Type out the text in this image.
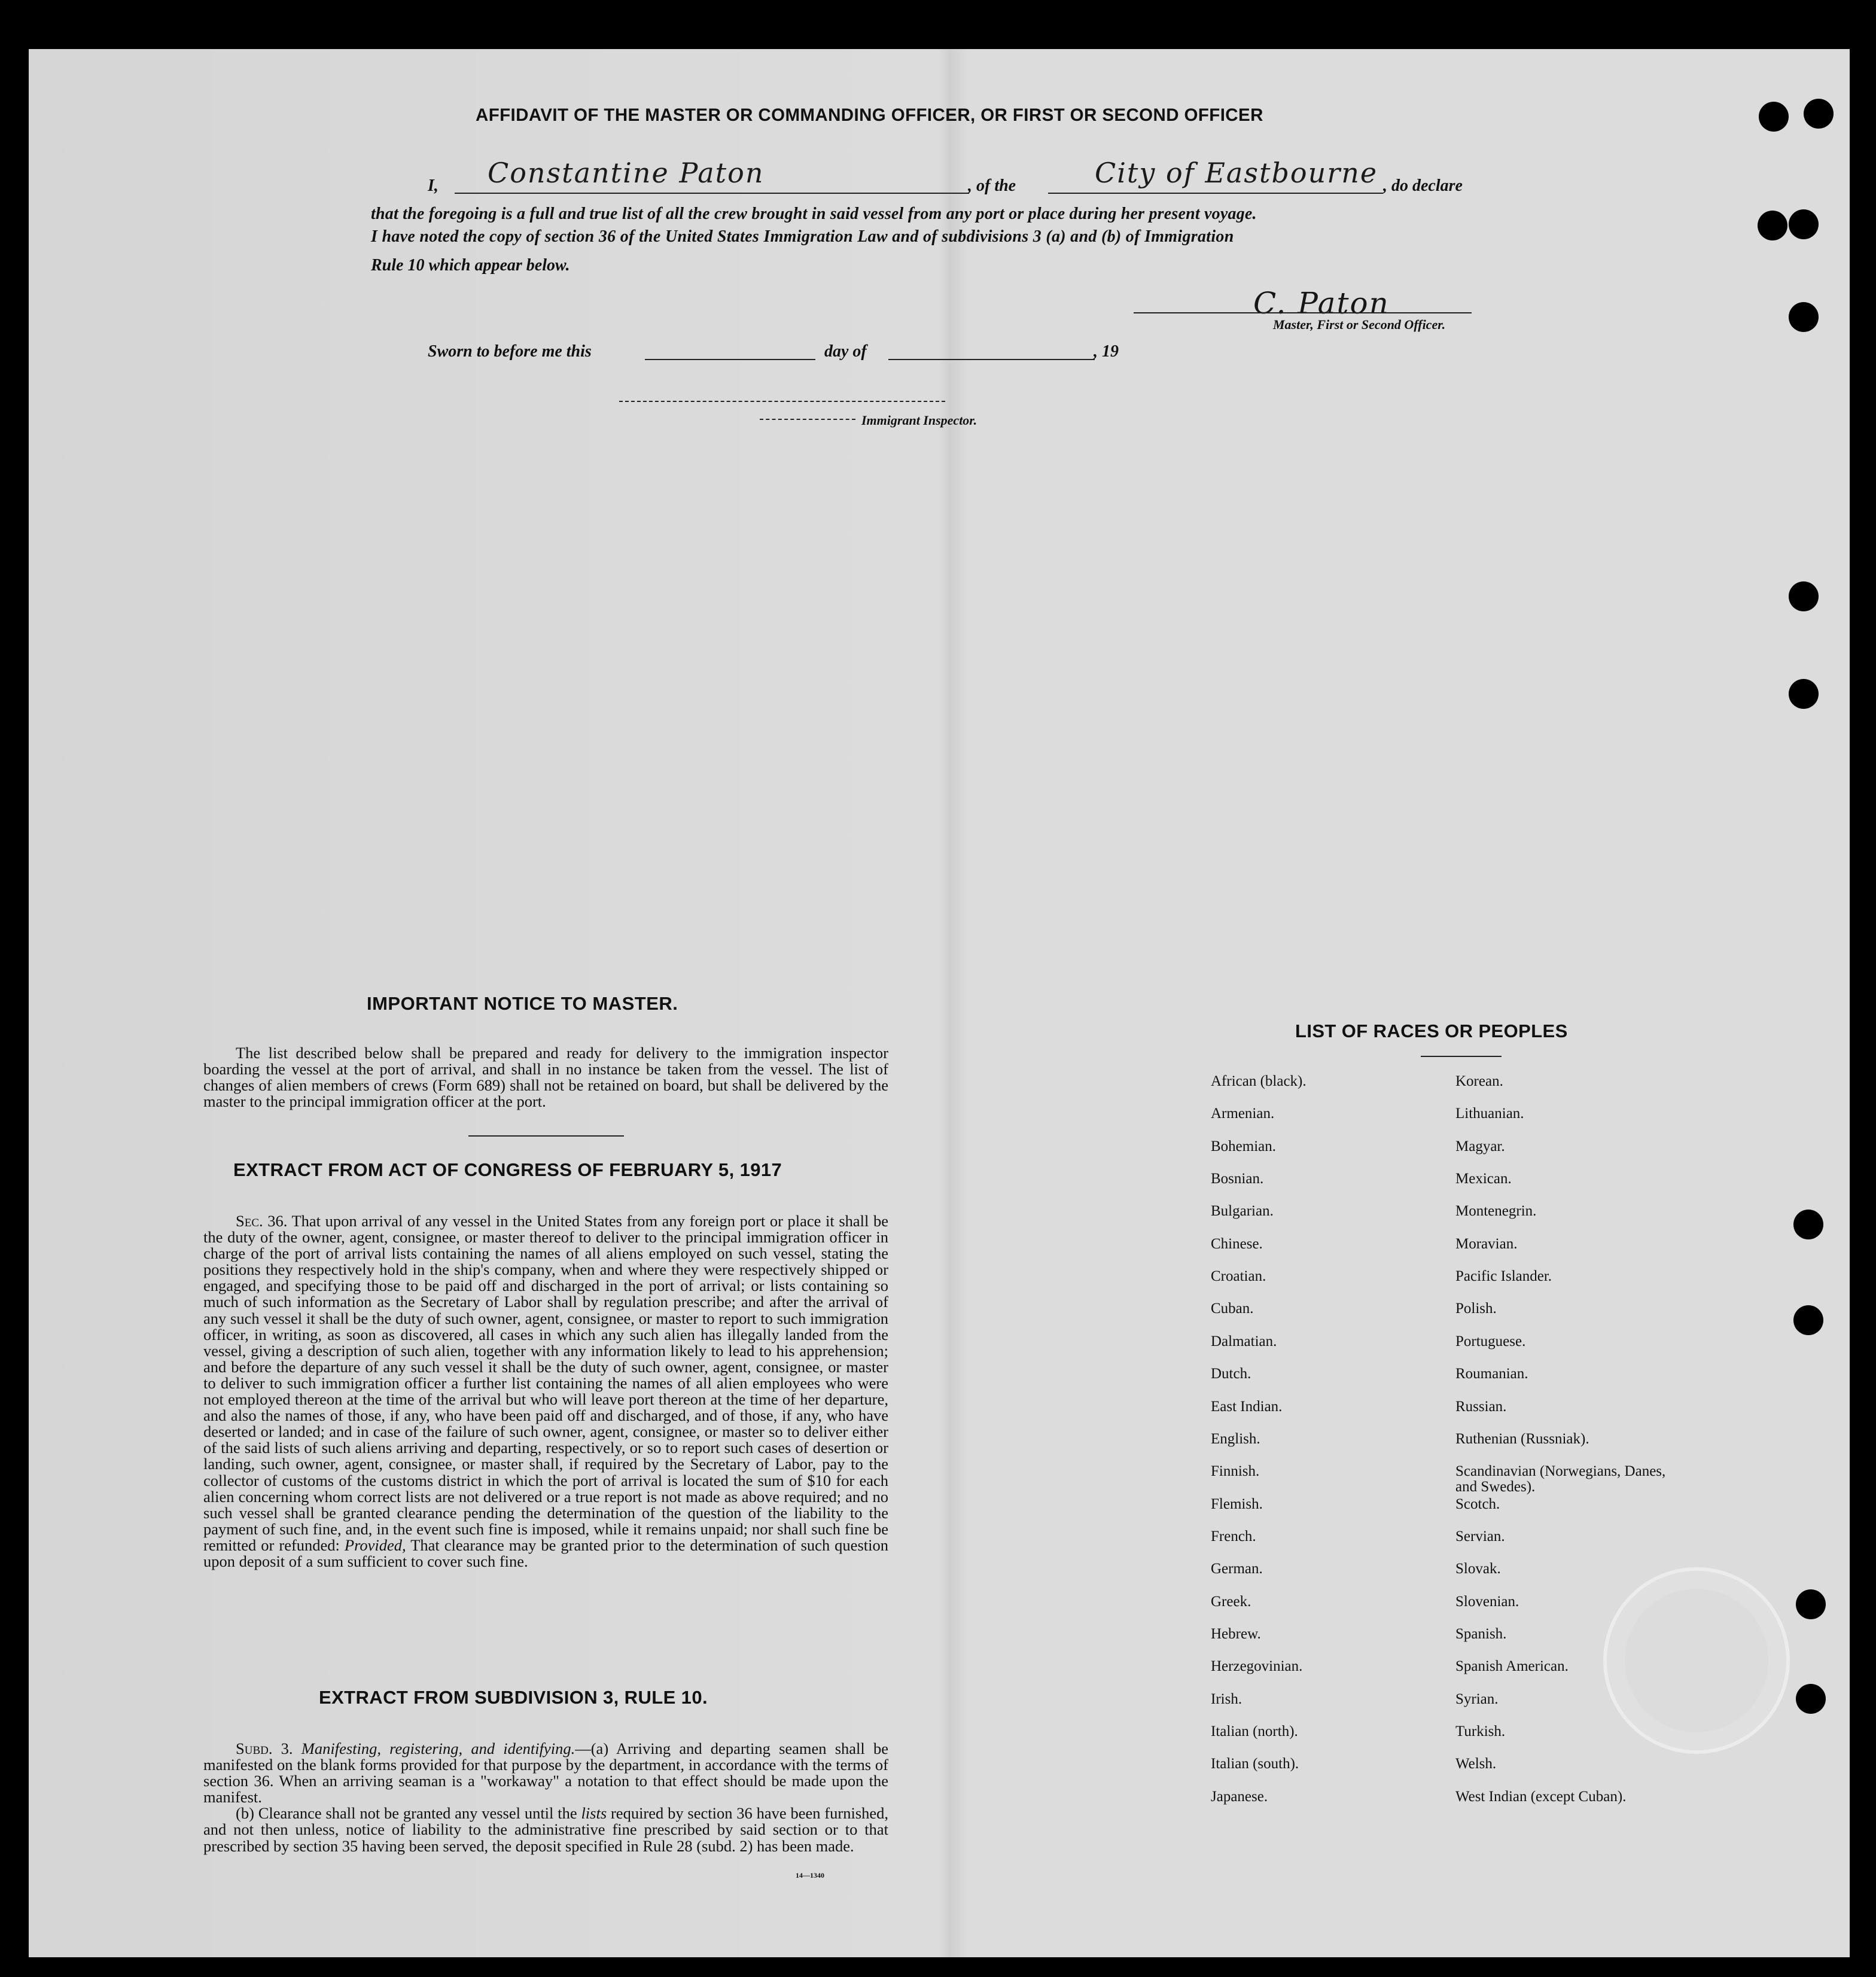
AFFIDAVIT OF THE MASTER OR COMMANDING OFFICER, OR FIRST OR SECOND OFFICER
I, Constantine Paton	, of the	City of Eastbourne , do declare
that the foregoing is a full and true list of all the crew brought in said vessel from any port or place during her present voyage.
I have noted the copy of section 36 of the United States Immigration Law and of subdivisions 3 (a) and (b) of Immigration
Rule 10 which appear below.
C. Paton
Master, First or Second Officer.
Sworn to before me this	day of	, 19
Immigrant Inspector.
IMPORTANT NOTICE TO MASTER.
The list described below shall be prepared and ready for delivery to the immigration inspector boarding the vessel at the port of arrival, and shall in no instance be taken from the vessel. The list of changes of alien members of crews (Form 689) shall not be retained on board, but shall be delivered by the master to the principal immigration officer at the port.
EXTRACT FROM ACT OF CONGRESS OF FEBRUARY 5, 1917
Sec. 36. That upon arrival of any vessel in the United States from any foreign port or place it shall be the duty of the owner, agent, consignee, or master thereof to deliver to the principal immigration officer in charge of the port of arrival lists containing the names of all aliens employed on such vessel, stating the positions they respectively hold in the ship's company, when and where they were respectively shipped or engaged, and specifying those to be paid off and discharged in the port of arrival; or lists containing so much of such information as the Secretary of Labor shall by regulation prescribe; and after the arrival of any such vessel it shall be the duty of such owner, agent, consignee, or master to report to such immigration officer, in writing, as soon as discovered, all cases in which any such alien has illegally landed from the vessel, giving a description of such alien, together with any information likely to lead to his apprehension; and before the departure of any such vessel it shall be the duty of such owner, agent, consignee, or master to deliver to such immigration officer a further list containing the names of all alien employees who were not employed thereon at the time of the arrival but who will leave port thereon at the time of her departure, and also the names of those, if any, who have been paid off and discharged, and of those, if any, who have deserted or landed; and in case of the failure of such owner, agent, consignee, or master so to deliver either of the said lists of such aliens arriving and departing, respectively, or so to report such cases of desertion or landing, such owner, agent, consignee, or master shall, if required by the Secretary of Labor, pay to the collector of customs of the customs district in which the port of arrival is located the sum of $10 for each alien concerning whom correct lists are not delivered or a true report is not made as above required; and no such vessel shall be granted clearance pending the determination of the question of the liability to the payment of such fine, and, in the event such fine is imposed, while it remains unpaid; nor shall such fine be remitted or refunded: Provided, That clearance may be granted prior to the determination of such question upon deposit of a sum sufficient to cover such fine.
EXTRACT FROM SUBDIVISION 3, RULE 10.

Subd. 3. Manifesting, registering, and identifying.—(a) Arriving and departing seamen shall be manifested on the blank forms provided for that purpose by the department, in accordance with the terms of section 36. When an arriving seaman is a "workaway" a notation to that effect should be made upon the manifest.

(b) Clearance shall not be granted any vessel until the lists required by section 36 have been furnished, and not then unless, notice of liability to the administrative fine prescribed by said section or to that prescribed by section 35 having been served, the deposit specified in Rule 28 (subd. 2) has been made.

14—1340
LIST OF RACES OR PEOPLES
African (black).
Armenian.
Bohemian.
Bosnian.
Bulgarian.
Chinese.
Croatian.
Cuban.
Dalmatian.
Dutch.
East Indian.
English.
Finnish.
Flemish.
French.
German.
Greek.
Hebrew.
Herzegovinian.
Irish.
Italian (north).
Italian (south).
Japanese.
Korean.
Lithuanian.
Magyar.
Mexican.
Montenegrin.
Moravian.
Pacific Islander.
Polish.
Portuguese.
Roumanian.
Russian.
Ruthenian (Russniak).
Scandinavian (Norwegians, Danes, and Swedes).
Scotch.
Servian.
Slovak.
Slovenian.
Spanish.
Spanish American.
Syrian.
Turkish.
Welsh.
West Indian (except Cuban).
